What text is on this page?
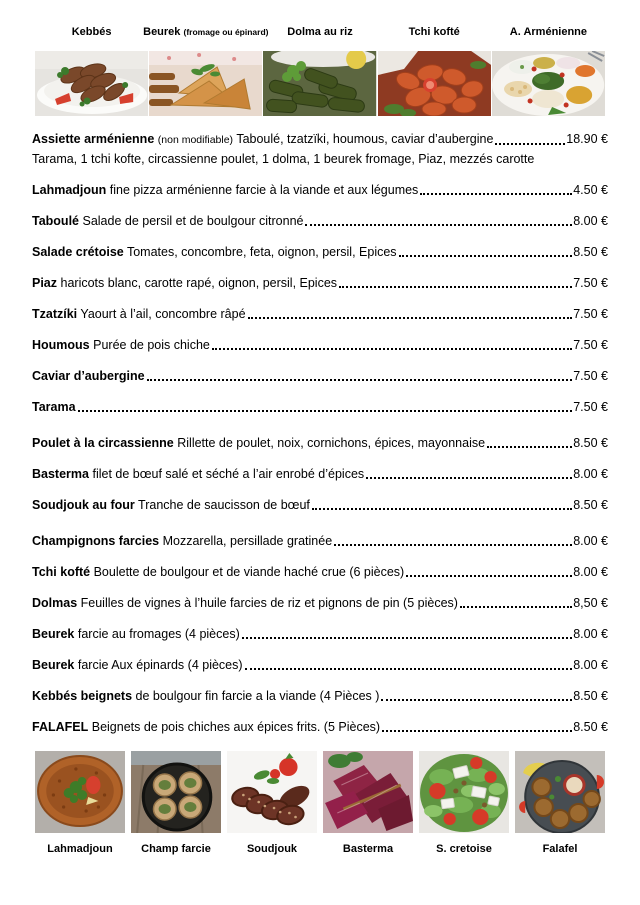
Kebbés	Beurek (fromage ou épinard) Dolma au riz	Tchi kofté	A. Arménienne
Assiette arménienne (non modifiable) Taboulé, tzatzïki, houmous, caviar d’aubergine	18.90 €
Tarama, 1 tchi kofte, circassienne poulet, 1 dolma, 1 beurek fromage, Piaz, mezzés carotte
Lahmadjoun fine pizza arménienne farcie à la viande et aux légumes	4.50 €
Taboulé Salade de persil et de boulgour citronné	8.00 €
Salade crétoise Tomates, concombre, feta, oignon, persil, Epices	8.50 €
Piaz haricots blanc, carotte rapé, oignon, persil, Epices	7.50 €
Tzatzíki Yaourt à l’ail, concombre râpé	7.50 €
Houmous Purée de pois chiche	7.50 €
Caviar d’aubergine	7.50 €
Tarama	7.50 €
Poulet à la circassienne Rillette de poulet, noix, cornichons, épices, mayonnaise	8.50 €
Basterma filet de bœuf salé et séché a l’air enrobé d’épices	8.00 €
Soudjouk au four Tranche de saucisson de bœuf	8.50 €
Champignons farcies Mozzarella, persillade gratinée	8.00 €
Tchi kofté Boulette de boulgour et de viande haché crue (6 pièces)	8.00 €
Dolmas Feuilles de vignes à l’huile farcies de riz et pignons de pin (5 pièces)	8,50 €
Beurek farcie au fromages (4 pièces)	8.00 €
Beurek farcie Aux épinards (4 pièces)	8.00 €
Kebbés beignets de boulgour fin farcie a la viande (4 Pièces )	8.50 €
FALAFEL Beignets de pois chiches aux épices frits. (5 Pièces)	8.50 €
Lahmadjoun	Champ farcie	Soudjouk	Basterma	S. cretoise	Falafel
